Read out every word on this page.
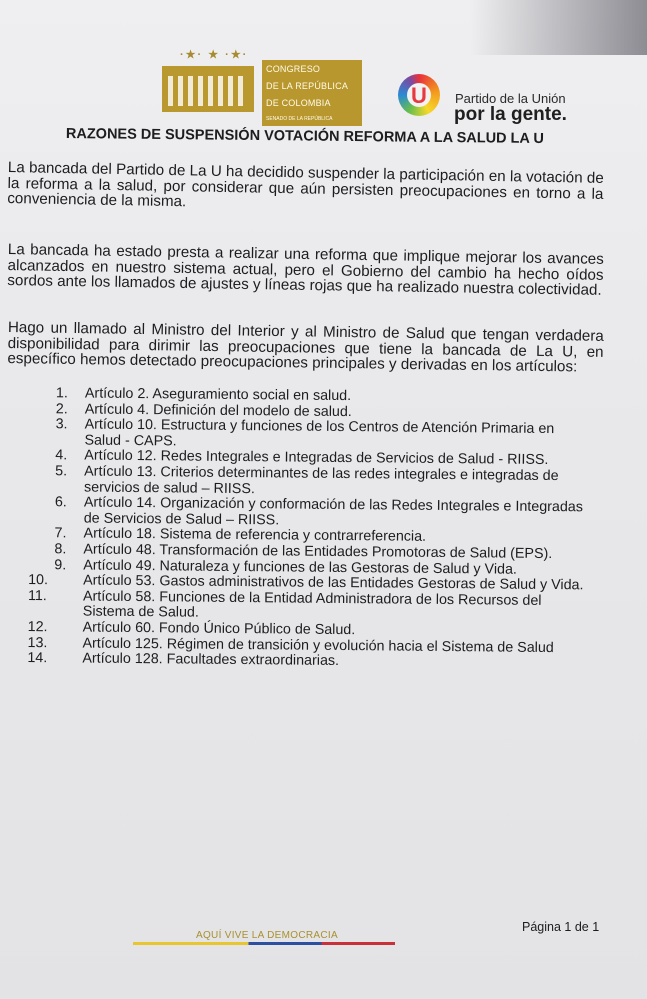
·★· ★ ·★·
CONGRESO
DE LA REPÚBLICA
DE COLOMBIA
SENADO DE LA REPÚBLICA
U	Partido de la Unión
por la gente.
RAZONES DE SUSPENSIÓN VOTACIÓN REFORMA A LA SALUD LA U

La bancada del Partido de La U ha decidido suspender la participación en la votación de la reforma a la salud, por considerar que aún persisten preocupaciones en torno a la conveniencia de la misma.

La bancada ha estado presta a realizar una reforma que implique mejorar los avances alcanzados en nuestro sistema actual, pero el Gobierno del cambio ha hecho oídos sordos ante los llamados de ajustes y líneas rojas que ha realizado nuestra colectividad.

Hago un llamado al Ministro del Interior y al Ministro de Salud que tengan verdadera disponibilidad para dirimir las preocupaciones que tiene la bancada de La U, en específico hemos detectado preocupaciones principales y derivadas en los artículos:

1. Artículo 2. Aseguramiento social en salud.
2. Artículo 4. Definición del modelo de salud.
3. Artículo 10. Estructura y funciones de los Centros de Atención Primaria en Salud - CAPS.
4. Artículo 12. Redes Integrales e Integradas de Servicios de Salud - RIISS.
5. Artículo 13. Criterios determinantes de las redes integrales e integradas de servicios de salud – RIISS.
6. Artículo 14. Organización y conformación de las Redes Integrales e Integradas de Servicios de Salud – RIISS.
7. Artículo 18. Sistema de referencia y contrarreferencia.
8. Artículo 48. Transformación de las Entidades Promotoras de Salud (EPS).
9. Artículo 49. Naturaleza y funciones de las Gestoras de Salud y Vida.
10. Artículo 53. Gastos administrativos de las Entidades Gestoras de Salud y Vida.
11.	Artículo 58. Funciones de la Entidad Administradora de los Recursos del Sistema de Salud.
12. Artículo 60. Fondo Único Público de Salud.
13. Artículo 125. Régimen de transición y evolución hacia el Sistema de Salud
14. Artículo 128. Facultades extraordinarias.
Página 1 de 1
AQUÍ VIVE LA DEMOCRACIA
